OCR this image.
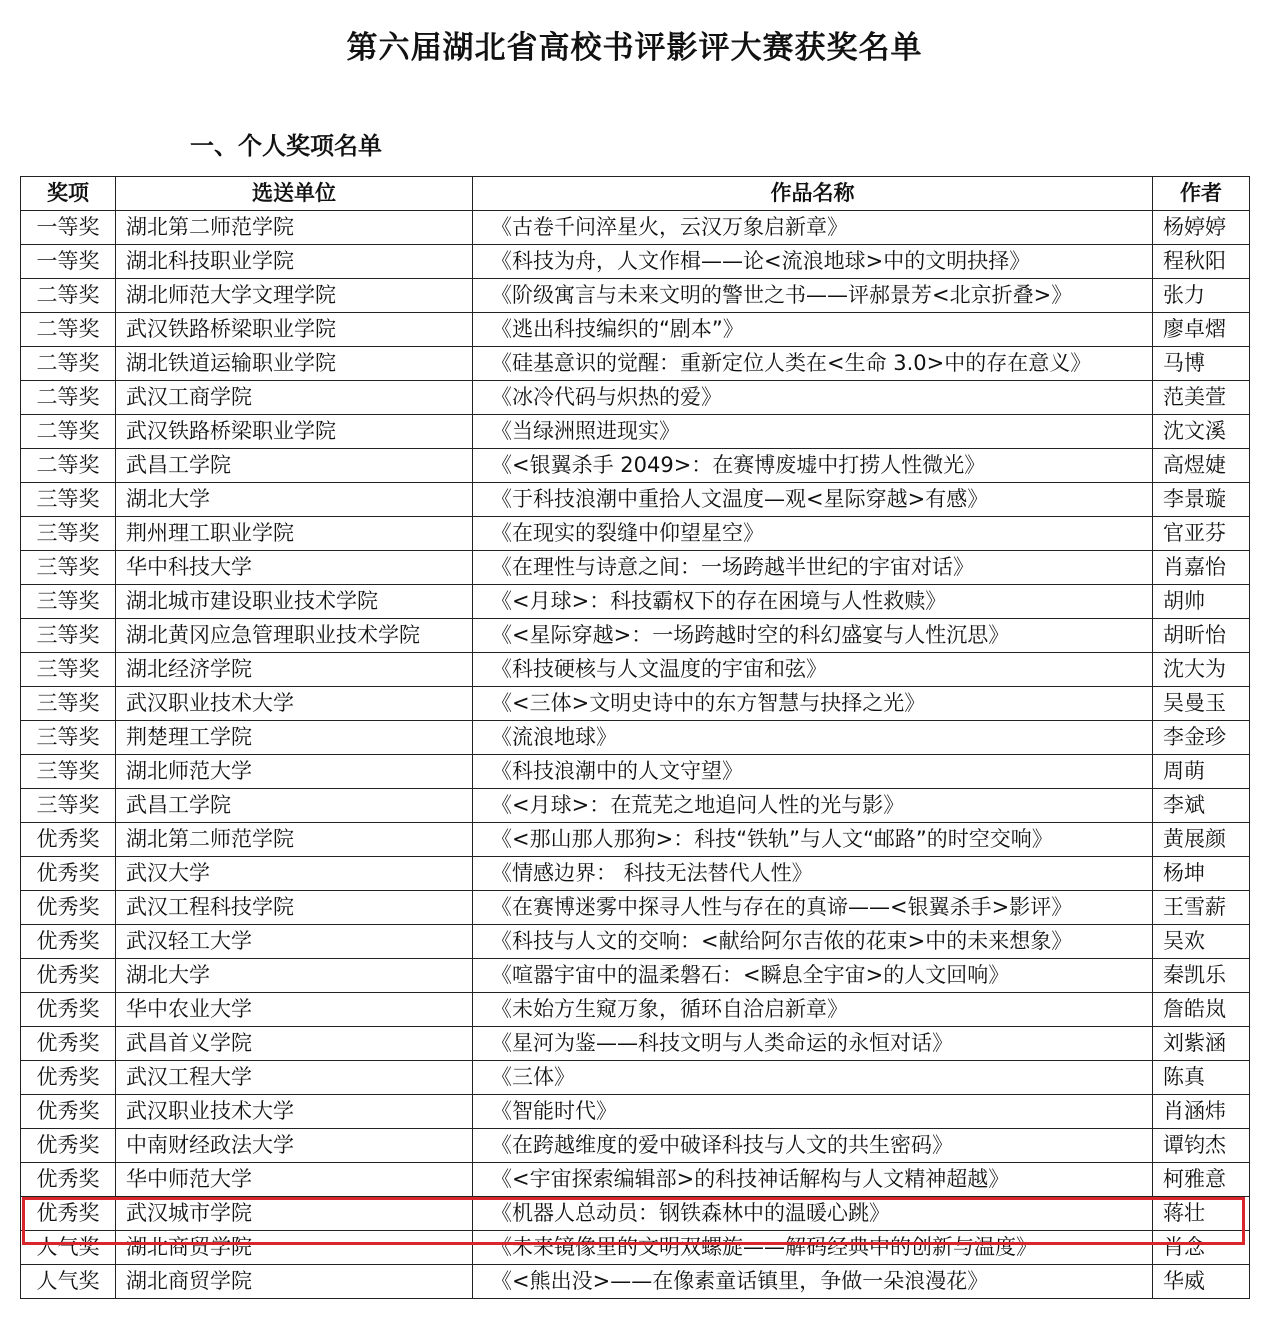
第六届湖北省高校书评影评大赛获奖名单
一、个人奖项名单
奖项	选送单位	作品名称	作者
一等奖	湖北第二师范学院	《古卷千问淬星火，云汉万象启新章》	杨婷婷
一等奖	湖北科技职业学院	《科技为舟，人文作楫——论<流浪地球>中的文明抉择》	程秋阳
二等奖	湖北师范大学文理学院	《阶级寓言与未来文明的警世之书——评郝景芳<北京折叠>》	张力
二等奖	武汉铁路桥梁职业学院	《逃出科技编织的“剧本”》	廖卓熠
二等奖	湖北铁道运输职业学院	《硅基意识的觉醒：重新定位人类在<生命 3.0>中的存在意义》	马博
二等奖	武汉工商学院	《冰冷代码与炽热的爱》	范美萱
二等奖	武汉铁路桥梁职业学院	《当绿洲照进现实》	沈文溪
二等奖	武昌工学院	《<银翼杀手 2049>：在赛博废墟中打捞人性微光》	高煜婕
三等奖	湖北大学	《于科技浪潮中重拾人文温度—观<星际穿越>有感》	李景璇
三等奖	荆州理工职业学院	《在现实的裂缝中仰望星空》	官亚芬
三等奖	华中科技大学	《在理性与诗意之间：一场跨越半世纪的宇宙对话》	肖嘉怡
三等奖	湖北城市建设职业技术学院	《<月球>：科技霸权下的存在困境与人性救赎》	胡帅
三等奖	湖北黄冈应急管理职业技术学院	《<星际穿越>：一场跨越时空的科幻盛宴与人性沉思》	胡昕怡
三等奖	湖北经济学院	《科技硬核与人文温度的宇宙和弦》	沈大为
三等奖	武汉职业技术大学	《<三体>文明史诗中的东方智慧与抉择之光》	吴曼玉
三等奖	荆楚理工学院	《流浪地球》	李金珍
三等奖	湖北师范大学	《科技浪潮中的人文守望》	周萌
三等奖	武昌工学院	《<月球>：在荒芜之地追问人性的光与影》	李斌
优秀奖	湖北第二师范学院	《<那山那人那狗>：科技“铁轨”与人文“邮路”的时空交响》	黄展颜
优秀奖	武汉大学	《情感边界： 科技无法替代人性》	杨坤
优秀奖	武汉工程科技学院	《在赛博迷雾中探寻人性与存在的真谛——<银翼杀手>影评》	王雪薪
优秀奖	武汉轻工大学	《科技与人文的交响：<献给阿尔吉侬的花束>中的未来想象》	吴欢
优秀奖	湖北大学	《喧嚣宇宙中的温柔磐石：<瞬息全宇宙>的人文回响》	秦凯乐
优秀奖	华中农业大学	《未始方生窥万象，循环自洽启新章》	詹皓岚
优秀奖	武昌首义学院	《星河为鉴——科技文明与人类命运的永恒对话》	刘紫涵
优秀奖	武汉工程大学	《三体》	陈真
优秀奖	武汉职业技术大学	《智能时代》	肖涵炜
优秀奖	中南财经政法大学	《在跨越维度的爱中破译科技与人文的共生密码》	谭钧杰
优秀奖	华中师范大学	《<宇宙探索编辑部>的科技神话解构与人文精神超越》	柯雅意
优秀奖	武汉城市学院	《机器人总动员：钢铁森林中的温暖心跳》	蒋壮
人气奖	湖北商贸学院	《未来镜像里的文明双螺旋——解码经典中的创新与温度》	肖念
人气奖	湖北商贸学院	《<熊出没>——在像素童话镇里，争做一朵浪漫花》	华威
